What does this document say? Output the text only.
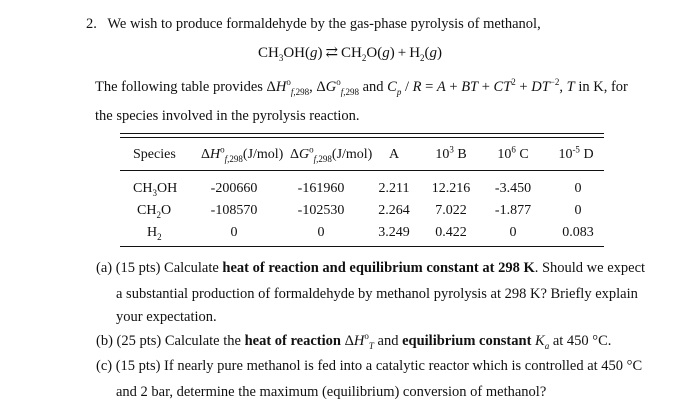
2. We wish to produce formaldehyde by the gas-phase pyrolysis of methanol,
$CH_3OH(g)$ ⇄ $CH_2O(g) + H_2(g)$
The following table provides $\Delta H^o_{f,298}$, $\Delta G^o_{f,298}$ and $C_p / R = A$ + BT + $CT^2 + DT^{-2}$, T in K, for
the species involved in the pyrolysis reaction.
Species $\Delta H^o_{f,298}(J/mol)$ $\Delta G^o_{f,298}(J/mol)$ A	$10^3$ B $10^6$ C $10^{-5}$ D
$CH_3OH$ -200660	-161960 2.211 12.216 -3.450	0
$CH_2O$	-108570	-102530 2.264 7.022 -1.877	0
$H_2$	0	0	3.249 0.422	0	0.083
(a) (15 pts) Calculate heat of reaction and equilibrium constant at 298 K. Should we expect
a substantial production of formaldehyde by methanol pyrolysis at 298 K? Briefly explain
your expectation.
(b) (25 pts) Calculate the heat of reaction $\Delta H^o_T$ and equilibrium constant $K_a$ at 450 °C.
(c) (15 pts) If nearly pure methanol is fed into a catalytic reactor which is controlled at 450 °C
and 2 bar, determine the maximum (equilibrium) conversion of methanol?
